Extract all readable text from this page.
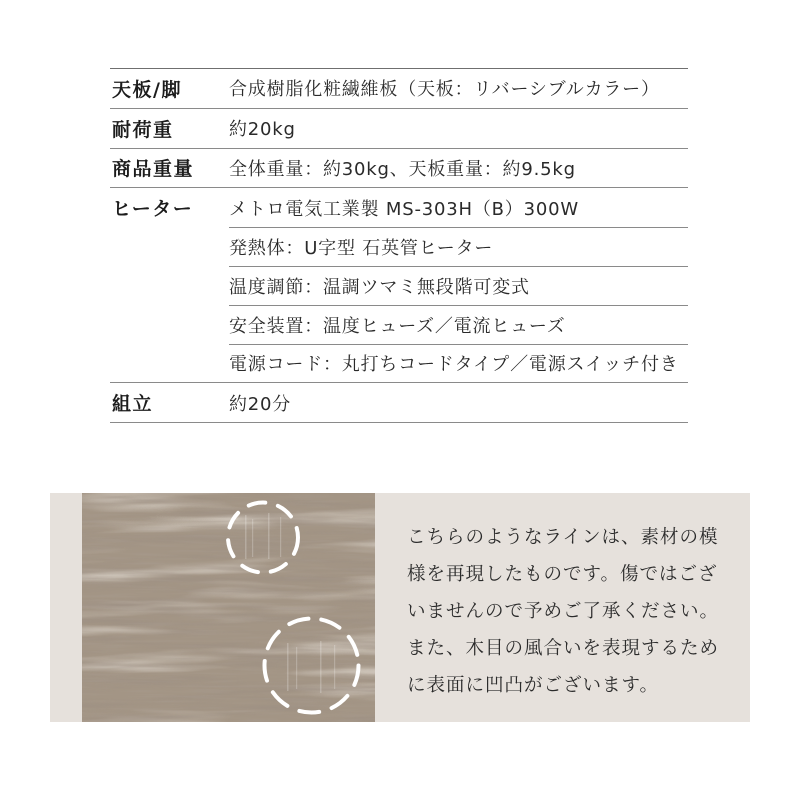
天板/脚	合成樹脂化粧繊維板（天板：リバーシブルカラー）
耐荷重	約20kg
商品重量	全体重量：約30kg、天板重量：約9.5kg
ヒーター	メトロ電気工業製 MS-303H（B）300W
発熱体：U字型 石英管ヒーター
温度調節：温調ツマミ無段階可変式
安全装置：温度ヒューズ／電流ヒューズ
電源コード：丸打ちコードタイプ／電源スイッチ付き
組立	約20分
こちらのようなラインは、素材の模
様を再現したものです。傷ではござ
いませんので予めご了承ください。
また、木目の風合いを表現するため
に表面に凹凸がございます。
